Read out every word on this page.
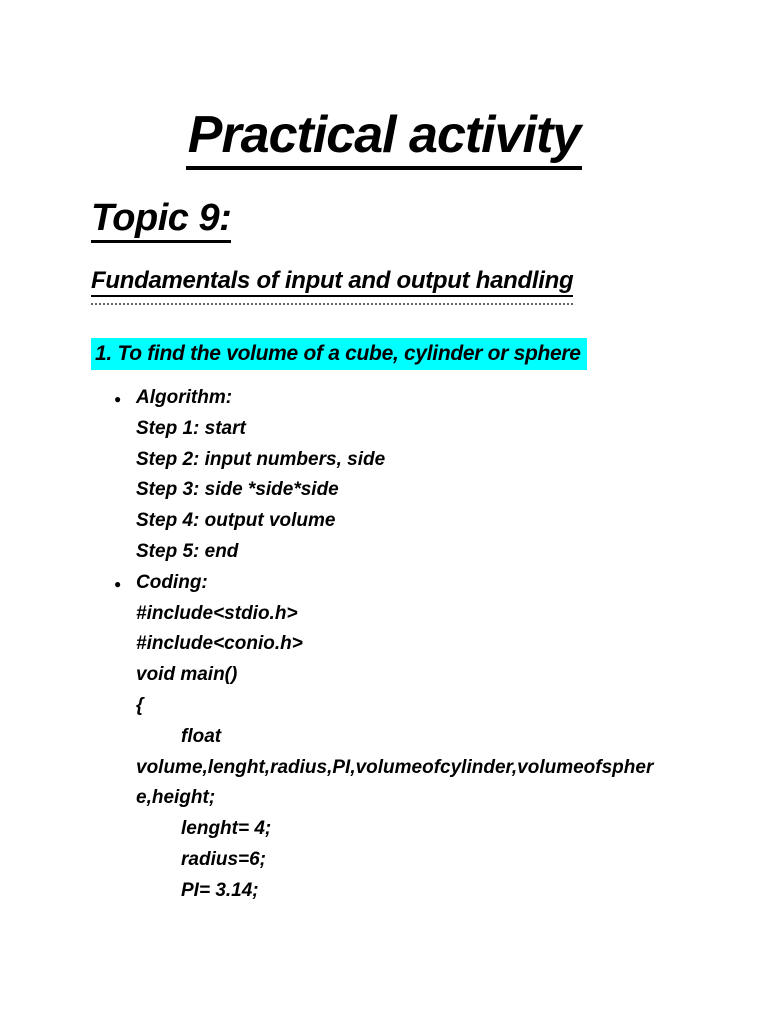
Practical activity
Topic 9:
Fundamentals of input and output handling
1. To find the volume of a cube, cylinder or sphere
● Algorithm:
Step 1: start
Step 2: input numbers, side
Step 3: side *side*side
Step 4: output volume
Step 5: end
● Coding:
#include<stdio.h>
#include<conio.h>
void main()
{
float
volume,lenght,radius,PI,volumeofcylinder,volumeofspher
e,height;
lenght= 4;
radius=6;
PI= 3.14;
